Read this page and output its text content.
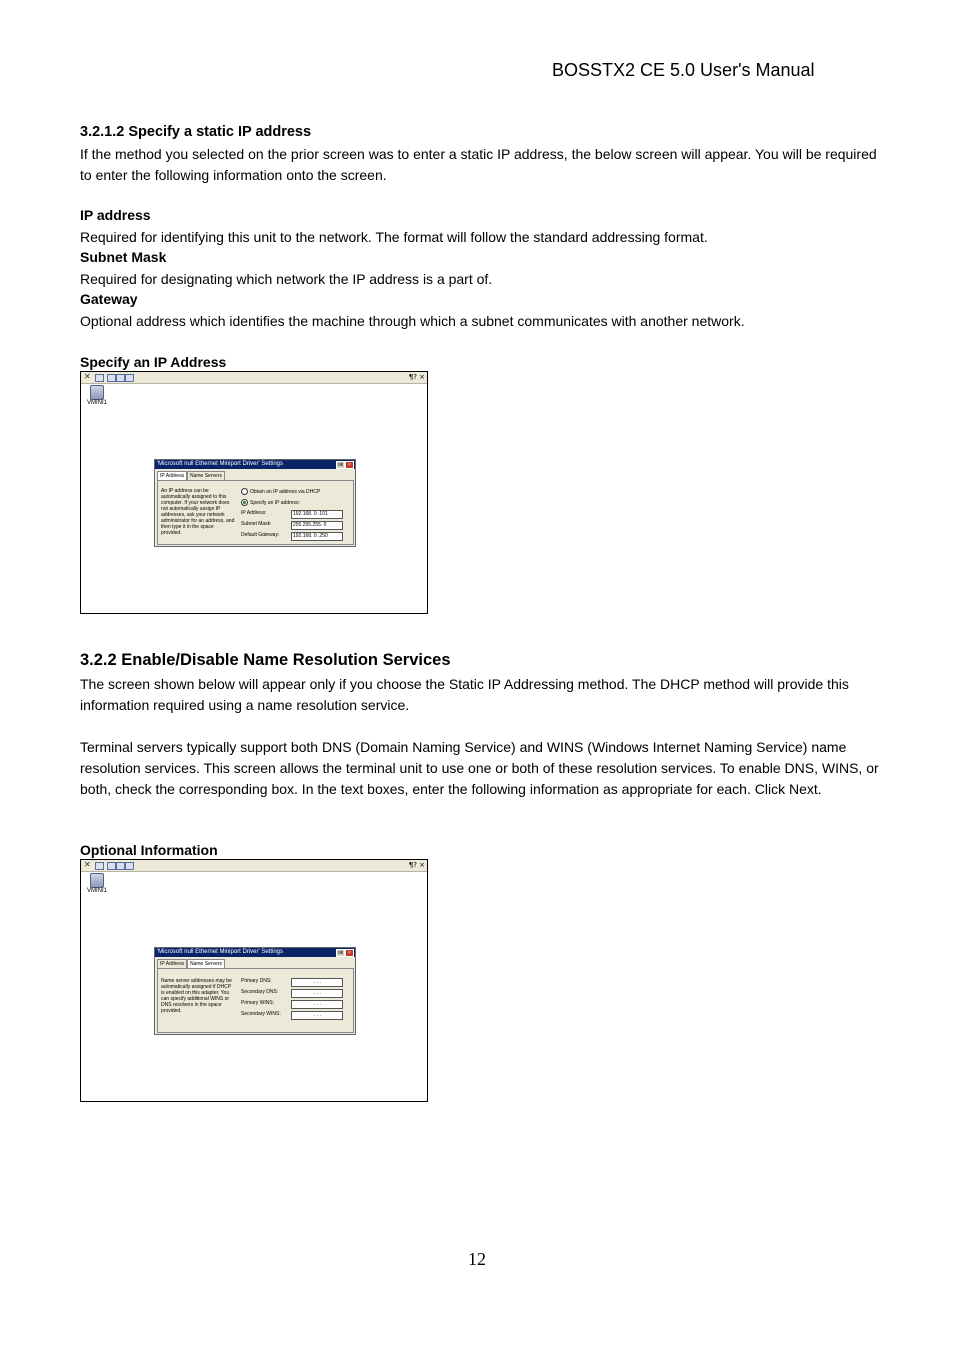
BOSSTX2 CE 5.0 User's Manual
3.2.1.2 Specify a static IP address
If the method you selected on the prior screen was to enter a static IP address, the below screen will appear. You will be required to enter the following information onto the screen.
IP address
Required for identifying this unit to the network. The format will follow the standard addressing format.
Subnet Mask
Required for designating which network the IP address is a part of.
Gateway
Optional address which identifies the machine through which a subnet communicates with another network.
Specify an IP Address
✕	¶? ×
VMINI1
'Microsoft null Ethernet Miniport Driver' Settings	ok ×
IP Address	Name Servers
An IP address can be automatically assigned to this computer. If your network does not automatically assign IP addresses, ask your network administrator for an address, and then type it in the space provided.
Obtain an IP address via DHCP
Specify an IP address:
IP Address:	192.168. 0 .101
Subnet Mask:	255.255.255. 0
Default Gateway:	192.168. 0 .250
3.2.2 Enable/Disable Name Resolution Services
The screen shown below will appear only if you choose the Static IP Addressing method. The DHCP method will provide this information required using a name resolution service.
Terminal servers typically support both DNS (Domain Naming Service) and WINS (Windows Internet Naming Service) name resolution services. This screen allows the terminal unit to use one or both of these resolution services. To enable DNS, WINS, or both, check the corresponding box. In the text boxes, enter the following information as appropriate for each. Click Next.
Optional Information
✕	¶? ×
VMINI1
'Microsoft null Ethernet Miniport Driver' Settings	ok ×
IP Address	Name Servers
Name server addresses may be automatically assigned if DHCP is enabled on this adapter. You can specify additional WINS or DNS resolvers in the space provided.
Primary DNS:	. . .
Secondary DNS:	. . .
Primary WINS:	. . .
Secondary WINS:	. . .
12
